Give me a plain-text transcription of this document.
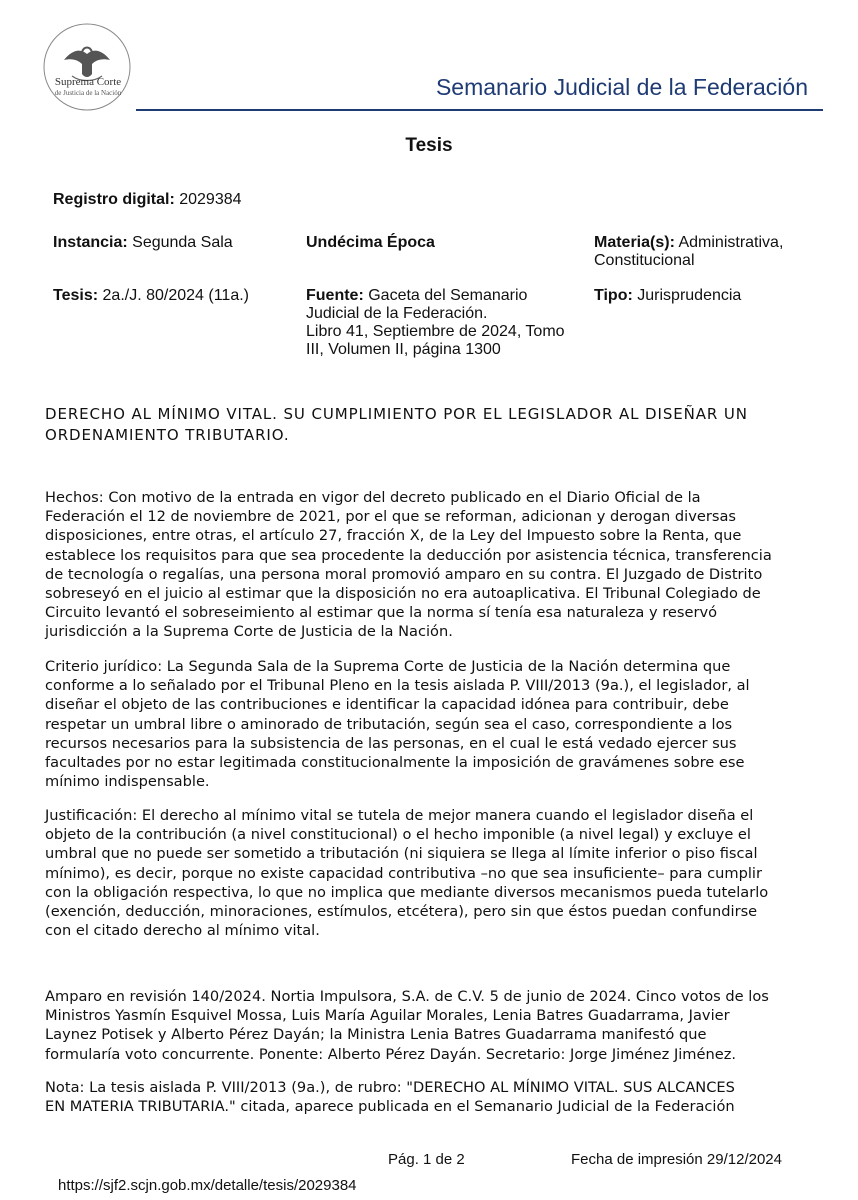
Suprema Corte
de Justicia de la Nación	Semanario Judicial de la Federación
Tesis
Registro digital: 2029384
Instancia: Segunda Sala	Undécima Época	Materia(s): Administrativa,
Constitucional
Tesis: 2a./J. 80/2024 (11a.)	Fuente: Gaceta del Semanario
Judicial de la Federación.
Libro 41, Septiembre de 2024, Tomo
III, Volumen II, página 1300
Tipo: Jurisprudencia
DERECHO AL MÍNIMO VITAL. SU CUMPLIMIENTO POR EL LEGISLADOR AL DISEÑAR UN
ORDENAMIENTO TRIBUTARIO.
Hechos: Con motivo de la entrada en vigor del decreto publicado en el Diario Oficial de la
Federación el 12 de noviembre de 2021, por el que se reforman, adicionan y derogan diversas
disposiciones, entre otras, el artículo 27, fracción X, de la Ley del Impuesto sobre la Renta, que
establece los requisitos para que sea procedente la deducción por asistencia técnica, transferencia
de tecnología o regalías, una persona moral promovió amparo en su contra. El Juzgado de Distrito
sobreseyó en el juicio al estimar que la disposición no era autoaplicativa. El Tribunal Colegiado de
Circuito levantó el sobreseimiento al estimar que la norma sí tenía esa naturaleza y reservó
jurisdicción a la Suprema Corte de Justicia de la Nación.
Criterio jurídico: La Segunda Sala de la Suprema Corte de Justicia de la Nación determina que
conforme a lo señalado por el Tribunal Pleno en la tesis aislada P. VIII/2013 (9a.), el legislador, al
diseñar el objeto de las contribuciones e identificar la capacidad idónea para contribuir, debe
respetar un umbral libre o aminorado de tributación, según sea el caso, correspondiente a los
recursos necesarios para la subsistencia de las personas, en el cual le está vedado ejercer sus
facultades por no estar legitimada constitucionalmente la imposición de gravámenes sobre ese
mínimo indispensable.
Justificación: El derecho al mínimo vital se tutela de mejor manera cuando el legislador diseña el
objeto de la contribución (a nivel constitucional) o el hecho imponible (a nivel legal) y excluye el
umbral que no puede ser sometido a tributación (ni siquiera se llega al límite inferior o piso fiscal
mínimo), es decir, porque no existe capacidad contributiva –no que sea insuficiente– para cumplir
con la obligación respectiva, lo que no implica que mediante diversos mecanismos pueda tutelarlo
(exención, deducción, minoraciones, estímulos, etcétera), pero sin que éstos puedan confundirse
con el citado derecho al mínimo vital.
Amparo en revisión 140/2024. Nortia Impulsora, S.A. de C.V. 5 de junio de 2024. Cinco votos de los
Ministros Yasmín Esquivel Mossa, Luis María Aguilar Morales, Lenia Batres Guadarrama, Javier
Laynez Potisek y Alberto Pérez Dayán; la Ministra Lenia Batres Guadarrama manifestó que
formularía voto concurrente. Ponente: Alberto Pérez Dayán. Secretario: Jorge Jiménez Jiménez.
Nota: La tesis aislada P. VIII/2013 (9a.), de rubro: "DERECHO AL MÍNIMO VITAL. SUS ALCANCES
EN MATERIA TRIBUTARIA." citada, aparece publicada en el Semanario Judicial de la Federación
Pág. 1 de 2	Fecha de impresión 29/12/2024
https://sjf2.scjn.gob.mx/detalle/tesis/2029384
